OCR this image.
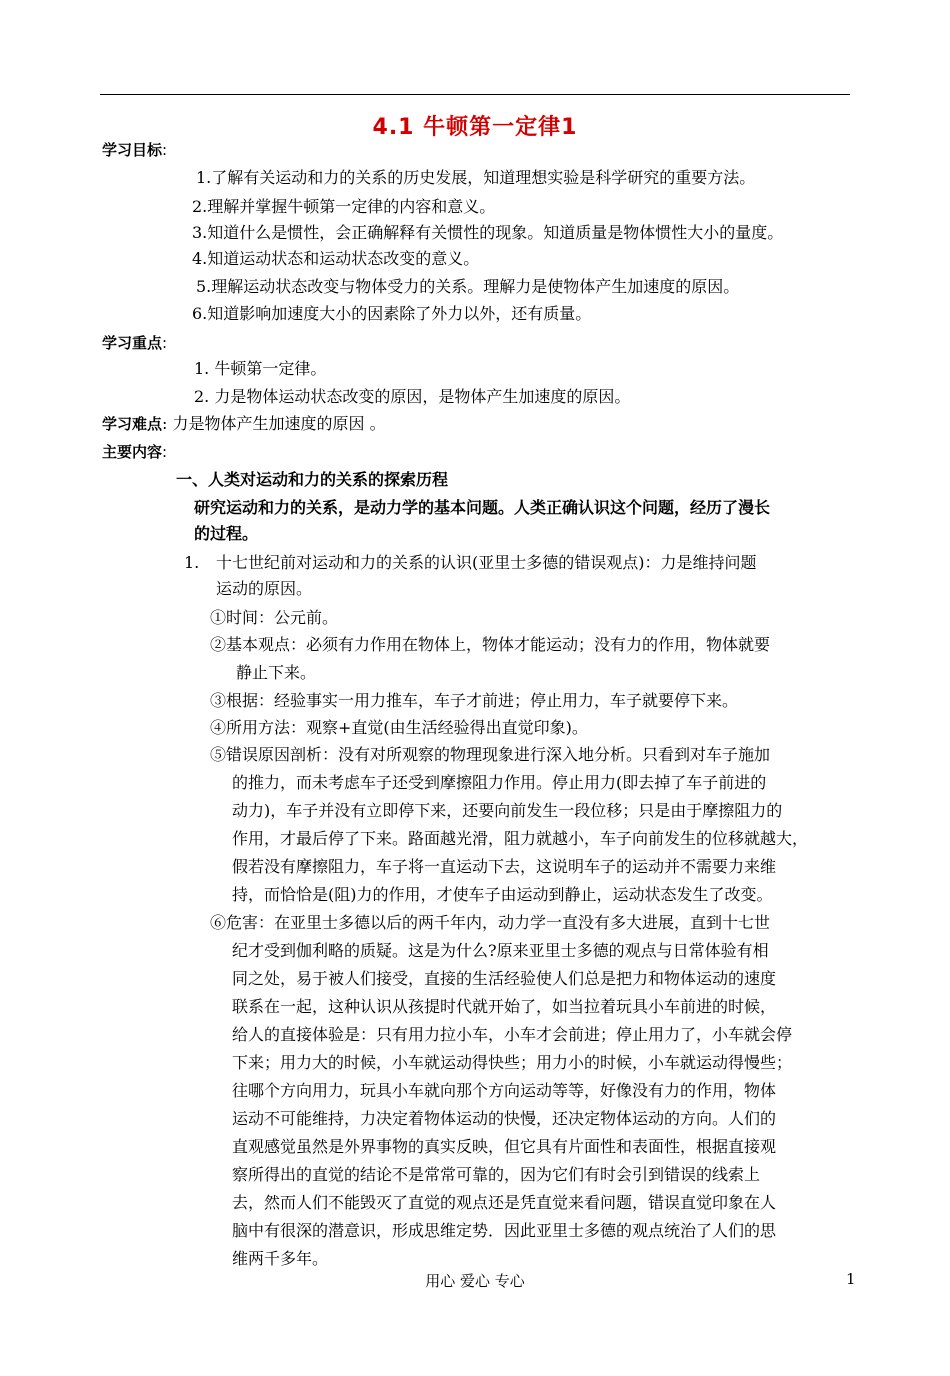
4.1 牛顿第一定律1
学习目标:
1.了解有关运动和力的关系的历史发展，知道理想实验是科学研究的重要方法。
2.理解并掌握牛顿第一定律的内容和意义。
3.知道什么是惯性，会正确解释有关惯性的现象。知道质量是物体惯性大小的量度。
4.知道运动状态和运动状态改变的意义。
5.理解运动状态改变与物体受力的关系。理解力是使物体产生加速度的原因。
6.知道影响加速度大小的因素除了外力以外，还有质量。
学习重点:
1. 牛顿第一定律。
2. 力是物体运动状态改变的原因，是物体产生加速度的原因。
学习难点: 力是物体产生加速度的原因 。
主要内容:
一、人类对运动和力的关系的探索历程
研究运动和力的关系，是动力学的基本问题。人类正确认识这个问题，经历了漫长
的过程。
1. 十七世纪前对运动和力的关系的认识(亚里士多德的错误观点)：力是维持问题
运动的原因。
①时间：公元前。
②基本观点：必须有力作用在物体上，物体才能运动；没有力的作用，物体就要
静止下来。
③根据：经验事实一用力推车，车子才前进；停止用力，车子就要停下来。
④所用方法：观察+直觉(由生活经验得出直觉印象)。
⑤错误原因剖析：没有对所观察的物理现象进行深入地分析。只看到对车子施加
的推力，而未考虑车子还受到摩擦阻力作用。停止用力(即去掉了车子前进的
动力)，车子并没有立即停下来，还要向前发生一段位移；只是由于摩擦阻力的
作用，才最后停了下来。路面越光滑，阻力就越小，车子向前发生的位移就越大，
假若没有摩擦阻力，车子将一直运动下去，这说明车子的运动并不需要力来维
持，而恰恰是(阻)力的作用，才使车子由运动到静止，运动状态发生了改变。
⑥危害：在亚里士多德以后的两千年内，动力学一直没有多大进展，直到十七世
纪才受到伽利略的质疑。这是为什么?原来亚里士多德的观点与日常体验有相
同之处，易于被人们接受，直接的生活经验使人们总是把力和物体运动的速度
联系在一起，这种认识从孩提时代就开始了，如当拉着玩具小车前进的时候，
给人的直接体验是：只有用力拉小车，小车才会前进；停止用力了，小车就会停
下来；用力大的时候，小车就运动得快些；用力小的时候，小车就运动得慢些；
往哪个方向用力，玩具小车就向那个方向运动等等，好像没有力的作用，物体
运动不可能维持，力决定着物体运动的快慢，还决定物体运动的方向。人们的
直观感觉虽然是外界事物的真实反映，但它具有片面性和表面性，根据直接观
察所得出的直觉的结论不是常常可靠的，因为它们有时会引到错误的线索上
去，然而人们不能毁灭了直觉的观点还是凭直觉来看问题，错误直觉印象在人
脑中有很深的潜意识，形成思维定势．因此亚里士多德的观点统治了人们的思
维两千多年。
用心 爱心 专心	1
